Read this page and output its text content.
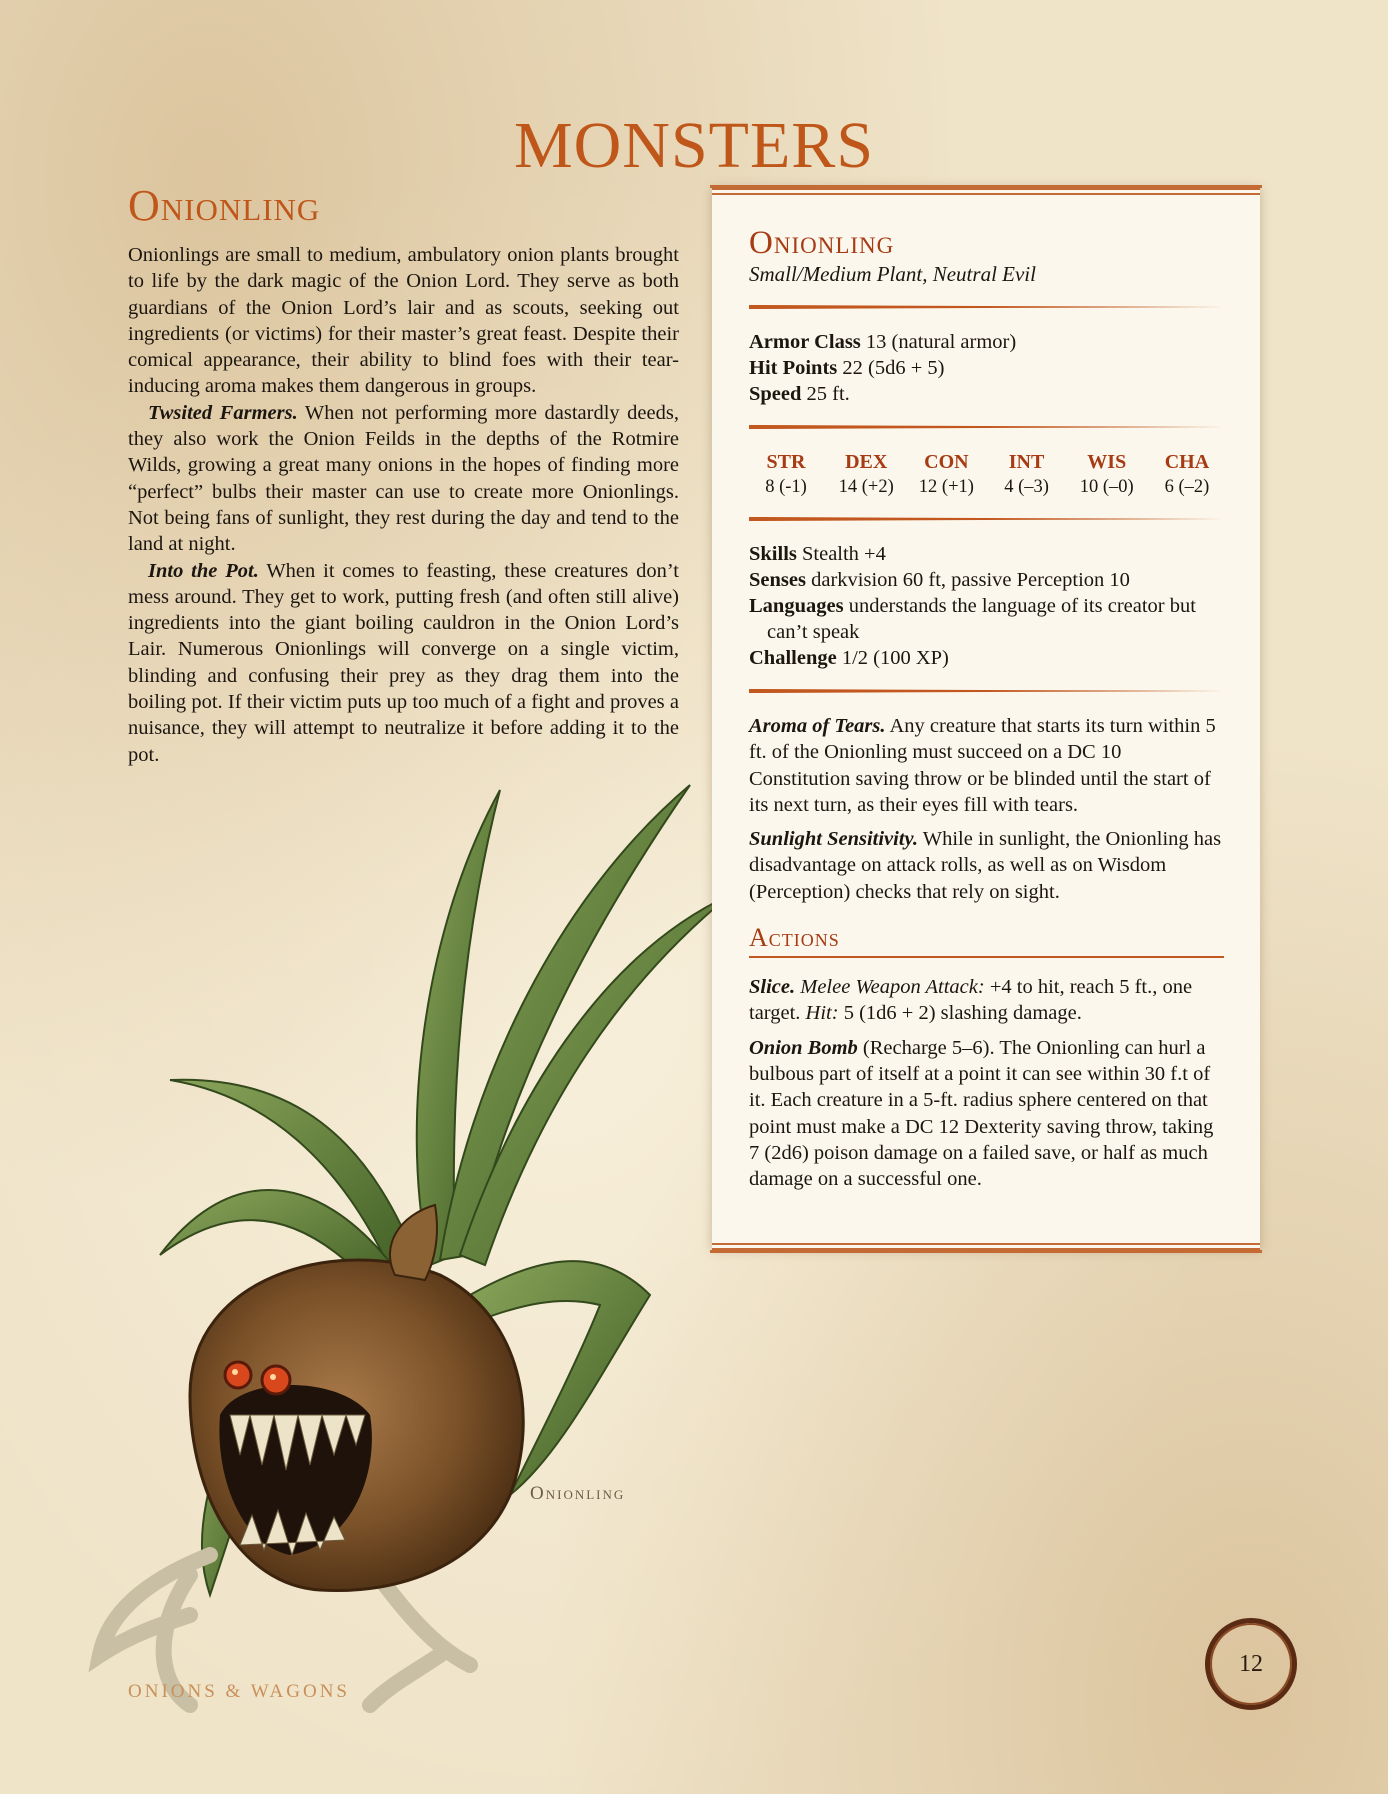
MONSTERS
Onionling

Onionlings are small to medium, ambulatory onion plants brought to life by the dark magic of the Onion Lord. They serve as both guardians of the Onion Lord’s lair and as scouts, seeking out ingredients (or victims) for their master’s great feast. Despite their comical appearance, their ability to blind foes with their tear-inducing aroma makes them dangerous in groups.

Twsited Farmers. When not performing more dastardly deeds, they also work the Onion Feilds in the depths of the Rotmire Wilds, growing a great many onions in the hopes of finding more “perfect” bulbs their master can use to create more Onionlings. Not being fans of sunlight, they rest during the day and tend to the land at night.

Into the Pot. When it comes to feasting, these creatures don’t mess around. They get to work, putting fresh (and often still alive) ingredients into the giant boiling cauldron in the Onion Lord’s Lair. Numerous Onionlings will converge on a single victim, blinding and confusing their prey as they drag them into the boiling pot. If their victim puts up too much of a fight and proves a nuisance, they will attempt to neutralize it before adding it to the pot.

Onionling
Small/Medium Plant, Neutral Evil
Armor Class 13 (natural armor)
Hit Points 22 (5d6 + 5)
Speed 25 ft.
STR
8 (-1)
DEX
14 (+2)
CON
12 (+1)
INT
4 (–3)
WIS
10 (–0)
CHA
6 (–2)
Skills Stealth +4
Senses darkvision 60 ft, passive Perception 10
Languages understands the language of its creator but can’t speak
Challenge 1/2 (100 XP)
Aroma of Tears. Any creature that starts its turn within 5 ft. of the Onionling must succeed on a DC 10 Constitution saving throw or be blinded until the start of its next turn, as their eyes fill with tears.
Sunlight Sensitivity. While in sunlight, the Onionling has disadvantage on attack rolls, as well as on Wisdom (Perception) checks that rely on sight.
Actions
Slice. Melee Weapon Attack: +4 to hit, reach 5 ft., one target. Hit: 5 (1d6 + 2) slashing damage.
Onion Bomb (Recharge 5–6). The Onionling can hurl a bulbous part of itself at a point it can see within 30 f.t of it. Each creature in a 5-ft. radius sphere centered on that point must make a DC 12 Dexterity saving throw, taking 7 (2d6) poison damage on a failed save, or half as much damage on a successful one.
Onionling
ONIONS & WAGONS
12
